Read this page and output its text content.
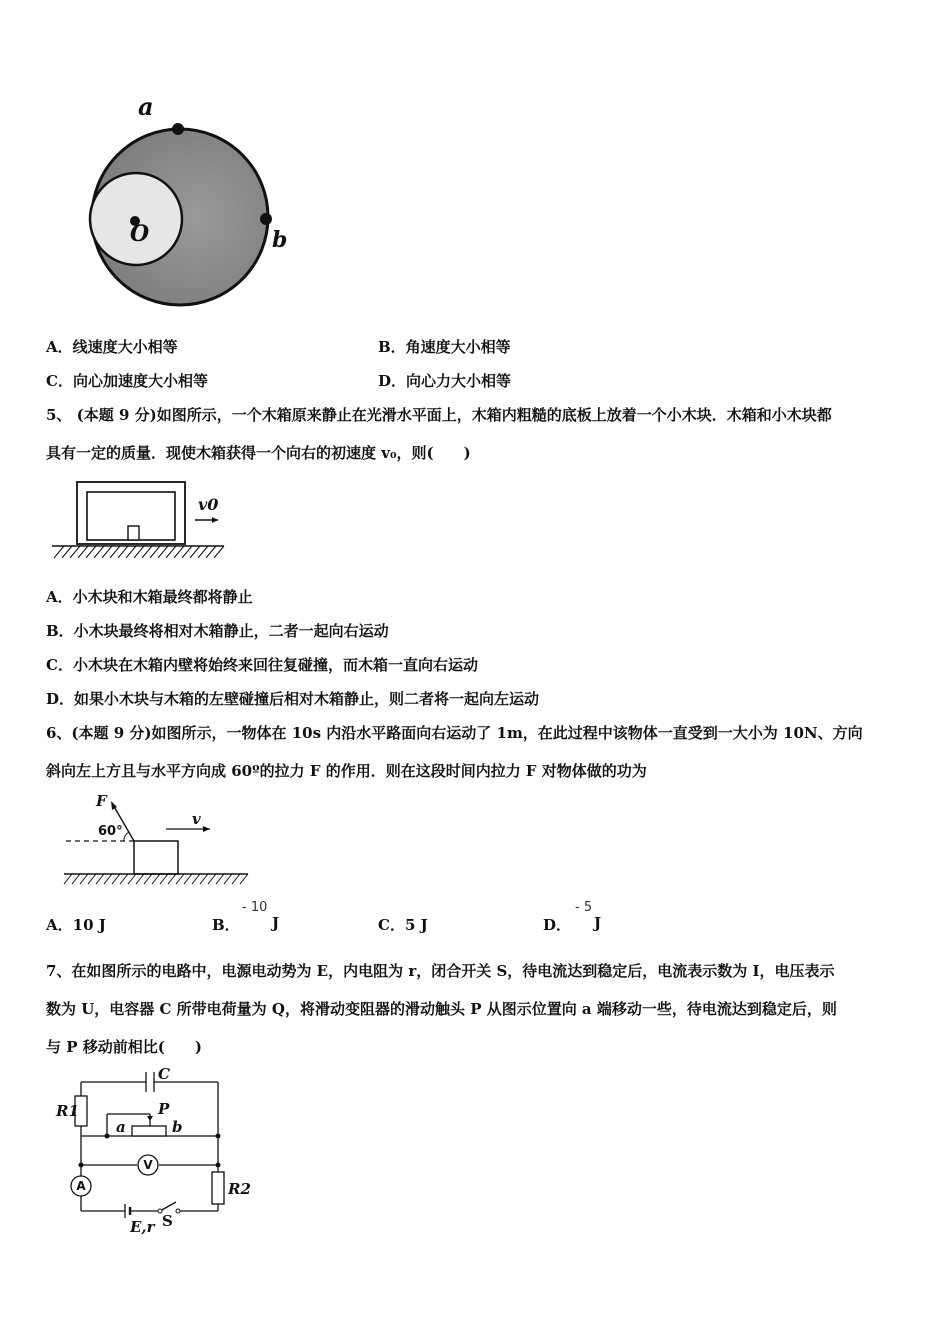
a
b
O
A．线速度大小相等	B．角速度大小相等
C．向心加速度大小相等	D．向心力大小相等
5、 (本题 9 分)如图所示，一个木箱原来静止在光滑水平面上，木箱内粗糙的底板上放着一个小木块．木箱和小木块都
具有一定的质量．现使木箱获得一个向右的初速度 v₀，则(　　)
v0
A．小木块和木箱最终都将静止
B．小木块最终将相对木箱静止，二者一起向右运动
C．小木块在木箱内壁将始终来回往复碰撞，而木箱一直向右运动
D．如果小木块与木箱的左壁碰撞后相对木箱静止，则二者将一起向左运动
6、(本题 9 分)如图所示，一物体在 10s 内沿水平路面向右运动了 1m，在此过程中该物体一直受到一大小为 10N、方向
斜向左上方且与水平方向成 60º的拉力 F 的作用．则在这段时间内拉力 F 对物体做的功为
F
60°
v
A．10 J	B．
- 10
J	C．5 J	D．
- 5
J
7、在如图所示的电路中，电源电动势为 E，内电阻为 r，闭合开关 S，待电流达到稳定后，电流表示数为 I，电压表示
数为 U，电容器 C 所带电荷量为 Q，将滑动变阻器的滑动触头 P 从图示位置向 a 端移动一些，待电流达到稳定后，则
与 P 移动前相比(　　)
C
R1	P
a	b
R2
E,r S
V
A
